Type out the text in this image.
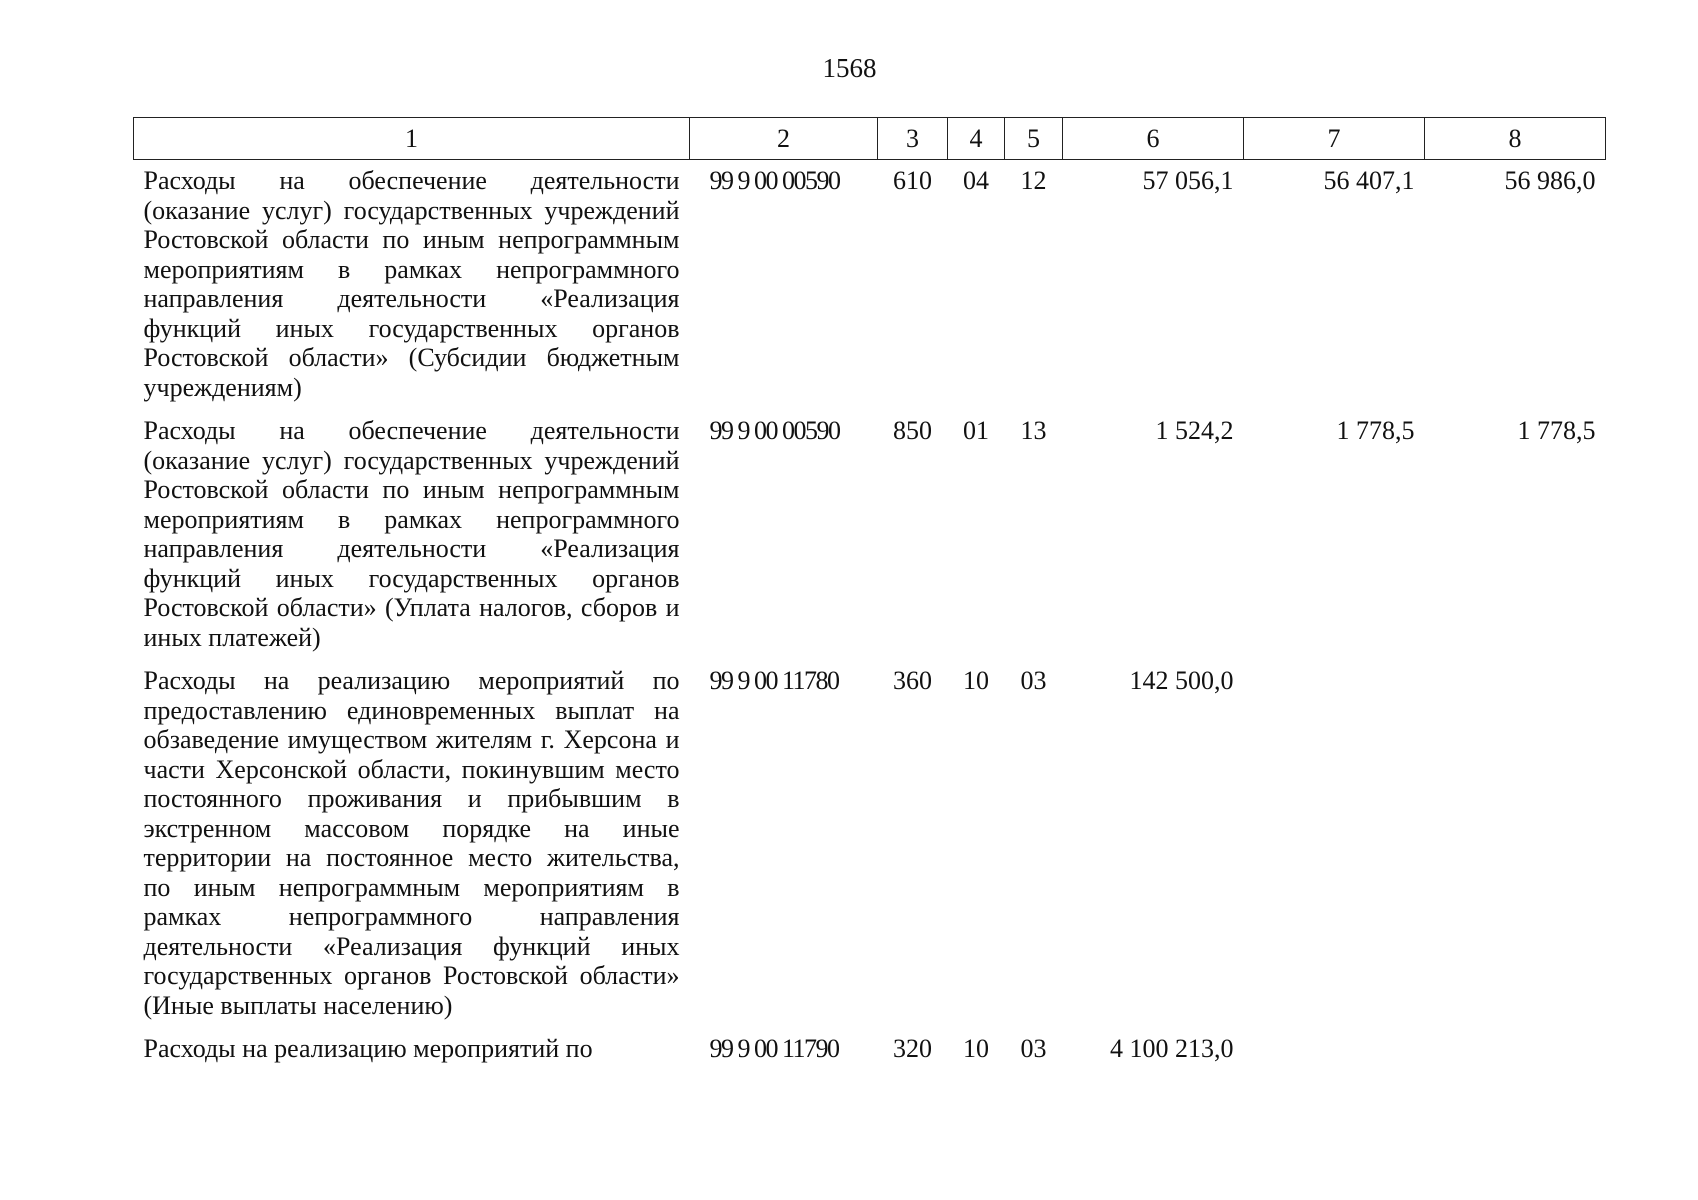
1568
1	2	3	4	5	6	7	8
Расходы на обеспечение деятельности (оказание услуг) государственных учреждений Ростовской области по иным непрограммным мероприятиям в рамках непрограммного направления деятельности «Реализация функций иных государственных органов Ростовской области» (Субсидии бюджетным учреждениям)	99 9 00 00590	610	04	12	57 056,1	56 407,1	56 986,0
Расходы на обеспечение деятельности (оказание услуг) государственных учреждений Ростовской области по иным непрограммным мероприятиям в рамках непрограммного направления деятельности «Реализация функций иных государственных органов Ростовской области» (Уплата налогов, сборов и иных платежей)	99 9 00 00590	850	01	13	1 524,2	1 778,5	1 778,5
Расходы на реализацию мероприятий по предоставлению единовременных выплат на обзаведение имуществом жителям г. Херсона и части Херсонской области, покинувшим место постоянного проживания и прибывшим в экстренном массовом порядке на иные территории на постоянное место жительства, по иным непрограммным мероприятиям в рамках непрограммного направления деятельности «Реализация функций иных государственных органов Ростовской области» (Иные выплаты населению)	99 9 00 11780	360	10	03	142 500,0		
Расходы на реализацию мероприятий по	99 9 00 11790	320	10	03	4 100 213,0		
